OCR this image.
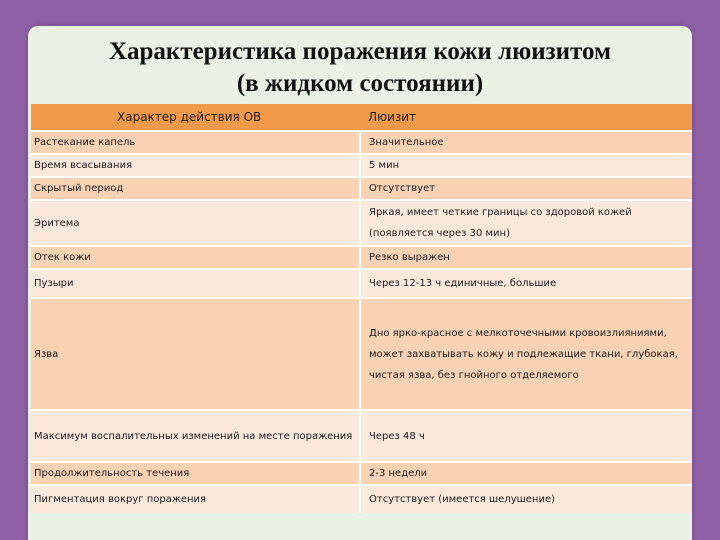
Характеристика поражения кожи люизитом
(в жидком состоянии)
Характер действия ОВ	Люизит
Растекание капель	Значительное
Время всасывания	5 мин
Скрытый период	Отсутствует
Эритема	Яркая, имеет четкие границы со здоровой кожей (появляется через 30 мин)
Отек кожи	Резко выражен
Пузыри	Через 12-13 ч единичные, большие
Язва	Дно ярко-красное с мелкоточечными кровоизлияниями, может захватывать кожу и подлежащие ткани, глубокая, чистая язва, без гнойного отделяемого
Максимум воспалительных изменений на месте поражения	Через 48 ч
Продолжительность течения	2-3 недели
Пигментация вокруг поражения	Отсутствует (имеется шелушение)
